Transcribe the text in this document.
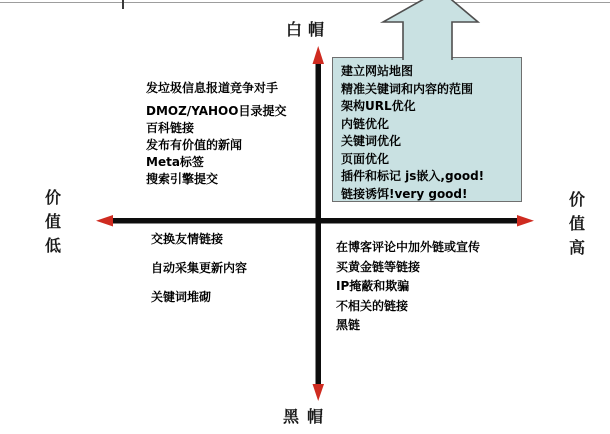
建立网站地图
精准关键词和内容的范围
架构URL优化
内链优化
关键词优化
页面优化
插件和标记 js嵌入,good!
链接诱饵!very good!
白帽
黑帽
价值低
价值高
发垃圾信息报道竞争对手
DMOZ/YAHOO目录提交
百科链接
发布有价值的新闻
Meta标签
搜索引擎提交
交换友情链接
自动采集更新内容
关键词堆砌
在博客评论中加外链或宣传
买黄金链等链接
IP掩蔽和欺骗
不相关的链接
黑链
